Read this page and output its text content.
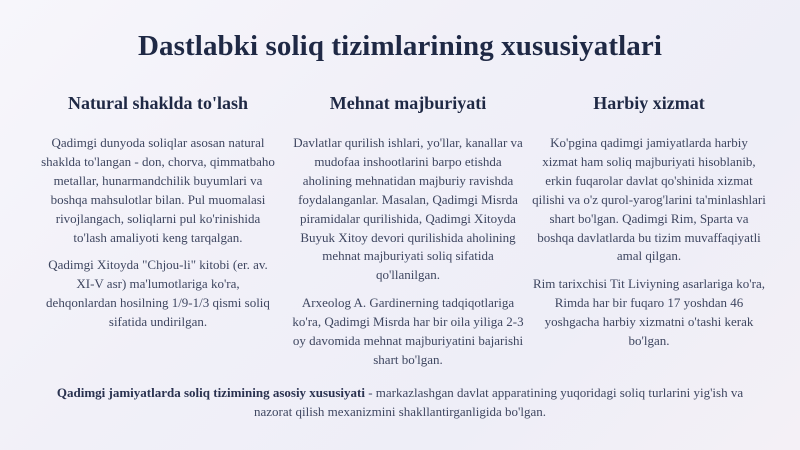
Dastlabki soliq tizimlarining xususiyatlari
Natural shaklda to'lash

Qadimgi dunyoda soliqlar asosan natural shaklda to'langan - don, chorva, qimmatbaho metallar, hunarmandchilik buyumlari va boshqa mahsulotlar bilan. Pul muomalasi rivojlangach, soliqlarni pul ko'rinishida to'lash amaliyoti keng tarqalgan.

Qadimgi Xitoyda "Chjou-li" kitobi (er. av. XI-V asr) ma'lumotlariga ko'ra, dehqonlardan hosilning 1/9-1/3 qismi soliq sifatida undirilgan.

Mehnat majburiyati

Davlatlar qurilish ishlari, yo'llar, kanallar va mudofaa inshootlarini barpo etishda aholining mehnatidan majburiy ravishda foydalanganlar. Masalan, Qadimgi Misrda piramidalar qurilishida, Qadimgi Xitoyda Buyuk Xitoy devori qurilishida aholining mehnat majburiyati soliq sifatida qo'llanilgan.

Arxeolog A. Gardinerning tadqiqotlariga ko'ra, Qadimgi Misrda har bir oila yiliga 2-3 oy davomida mehnat majburiyatini bajarishi shart bo'lgan.

Harbiy xizmat

Ko'pgina qadimgi jamiyatlarda harbiy xizmat ham soliq majburiyati hisoblanib, erkin fuqarolar davlat qo'shinida xizmat qilishi va o'z qurol-yarog'larini ta'minlashlari shart bo'lgan. Qadimgi Rim, Sparta va boshqa davlatlarda bu tizim muvaffaqiyatli amal qilgan.

Rim tarixchisi Tit Liviyning asarlariga ko'ra, Rimda har bir fuqaro 17 yoshdan 46 yoshgacha harbiy xizmatni o'tashi kerak bo'lgan.

Qadimgi jamiyatlarda soliq tizimining asosiy xususiyati - markazlashgan davlat apparatining yuqoridagi soliq turlarini yig'ish va nazorat qilish mexanizmini shakllantirganligida bo'lgan.
